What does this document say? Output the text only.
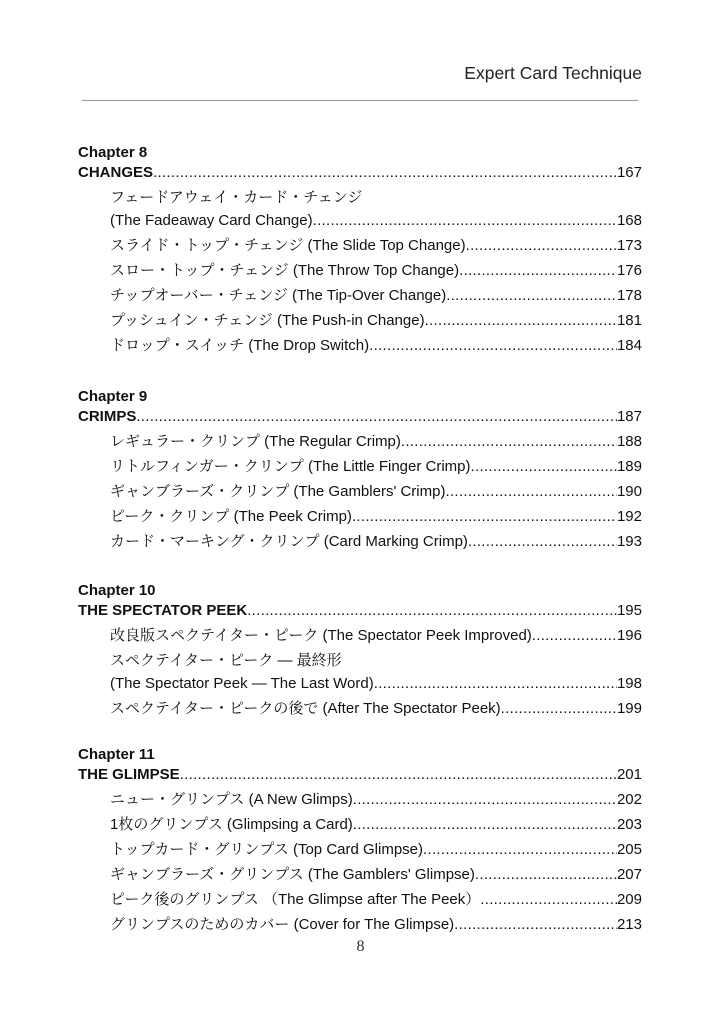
Expert Card Technique
Chapter 8
CHANGES .....	167
フェードアウェイ・カード・チェンジ
(The Fadeaway Card Change) .....	168
スライド・トップ・チェンジ (The Slide Top Change) .....	173
スロー・トップ・チェンジ (The Throw Top Change) .....	176
チップオーバー・チェンジ (The Tip-Over Change) .....	178
プッシュイン・チェンジ (The Push-in Change) .....	181
ドロップ・スイッチ (The Drop Switch) .....	184
Chapter 9
CRIMPS .....	187
レギュラー・クリンプ (The Regular Crimp) .....	188
リトルフィンガー・クリンプ (The Little Finger Crimp) .....	189
ギャンブラーズ・クリンプ (The Gamblers' Crimp) .....	190
ピーク・クリンプ (The Peek Crimp) .....	192
カード・マーキング・クリンプ (Card Marking Crimp) .....	193
Chapter 10
THE SPECTATOR PEEK .....	195
改良版スペクテイター・ピーク (The Spectator Peek Improved) .....	196
スペクテイター・ピーク — 最終形
(The Spectator Peek — The Last Word) .....	198
スペクテイター・ピークの後で (After The Spectator Peek) .....	199
Chapter 11
THE GLIMPSE .....	201
ニュー・グリンプス (A New Glimps) .....	202
1枚のグリンプス (Glimpsing a Card) .....	203
トップカード・グリンプス (Top Card Glimpse) .....	205
ギャンブラーズ・グリンプス (The Gamblers' Glimpse) .....	207
ピーク後のグリンプス （The Glimpse after The Peek） .....	209
グリンプスのためのカバー (Cover for The Glimpse) .....	213
8
